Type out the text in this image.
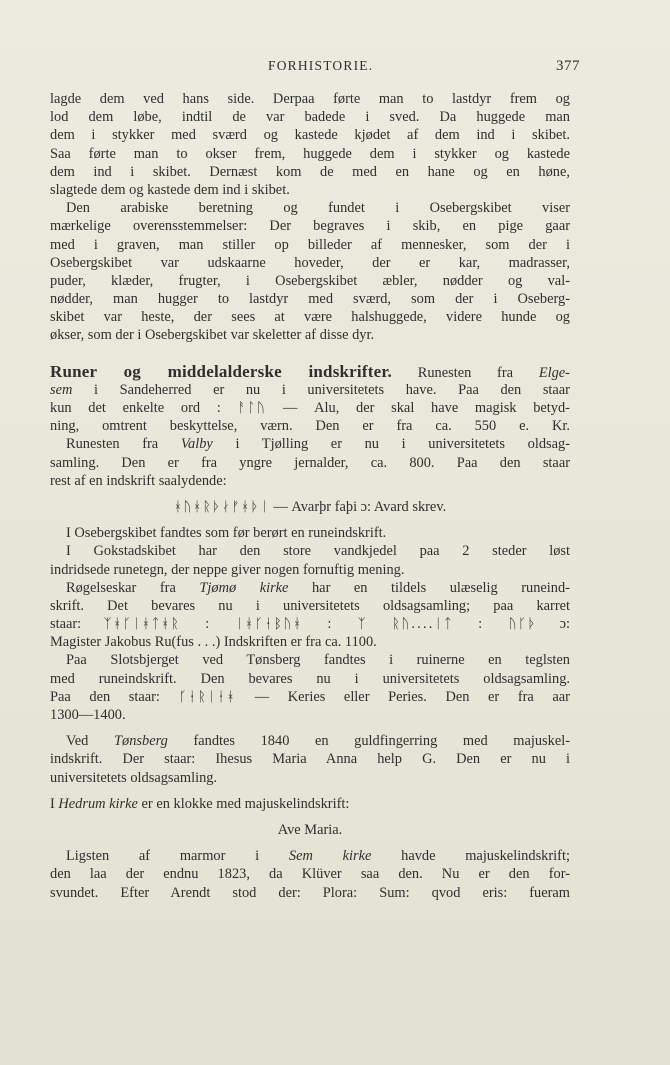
FORHISTORIE.	377
lagde dem ved hans side. Derpaa førte man to lastdyr frem og
lod dem løbe, indtil de var badede i sved. Da huggede man
dem i stykker med sværd og kastede kjødet af dem ind i skibet.
Saa førte man to okser frem, huggede dem i stykker og kastede
dem ind i skibet. Dernæst kom de med en hane og en høne,
slagtede dem og kastede dem ind i skibet.
Den arabiske beretning og fundet i Osebergskibet viser
mærkelige overensstemmelser: Der begraves i skib, en pige gaar
med i graven, man stiller op billeder af mennesker, som der i
Osebergskibet var udskaarne hoveder, der er kar, madrasser,
puder, klæder, frugter, i Osebergskibet æbler, nødder og val-
nødder, man hugger to lastdyr med sværd, som der i Oseberg-
skibet var heste, der sees at være halshuggede, videre hunde og
økser, som der i Osebergskibet var skeletter af disse dyr.
Runer og middelalderske indskrifter. Runesten fra Elge-
sem i Sandeherred er nu i universitetets have. Paa den staar
kun det enkelte ord : ᚨᛚᚢ — Alu, der skal have magisk betyd-
ning, omtrent beskyttelse, værn. Den er fra ca. 550 e. Kr.
Runesten fra Valby i Tjølling er nu i universitetets oldsag-
samling. Den er fra yngre jernalder, ca. 800. Paa den staar
rest af en indskrift saalydende:
ᚼᚢᚼᚱᚦᛅᚠᚼᚦᛁ — Avarþr faþi ɔ: Avard skrev.
I Osebergskibet fandtes som før berørt en runeindskrift.
I Gokstadskibet har den store vandkjedel paa 2 steder løst
indridsede runetegn, der neppe giver nogen fornuftig mening.
Røgelseskar fra Tjømø kirke har en tildels ulæselig runeind-
skrift. Det bevares nu i universitetets oldsagsamling; paa karret
staar: ᛉᚼᚴᛁᚼᛏᚼᚱ : ᛁᚼᚴᚽᛒᚢᚼ : ᛉ ᚱᚢ....ᛁᛏ : ᚢᚴᚦ ɔ:
Magister Jakobus Ru(fus . . .) Indskriften er fra ca. 1100.
Paa Slotsbjerget ved Tønsberg fandtes i ruinerne en teglsten
med runeindskrift. Den bevares nu i universitetets oldsagsamling.
Paa den staar: ᚴᚽᚱᛁᚽᚼ — Keries eller Peries. Den er fra aar
1300—1400.
Ved Tønsberg fandtes 1840 en guldfingerring med majuskel-
indskrift. Der staar: Ihesus Maria Anna help G. Den er nu i
universitetets oldsagsamling.
I Hedrum kirke er en klokke med majuskelindskrift:
Ave Maria.
Ligsten af marmor i Sem kirke havde majuskelindskrift;
den laa der endnu 1823, da Klüver saa den. Nu er den for-
svundet. Efter Arendt stod der: Plora: Sum: qvod eris: fueram
